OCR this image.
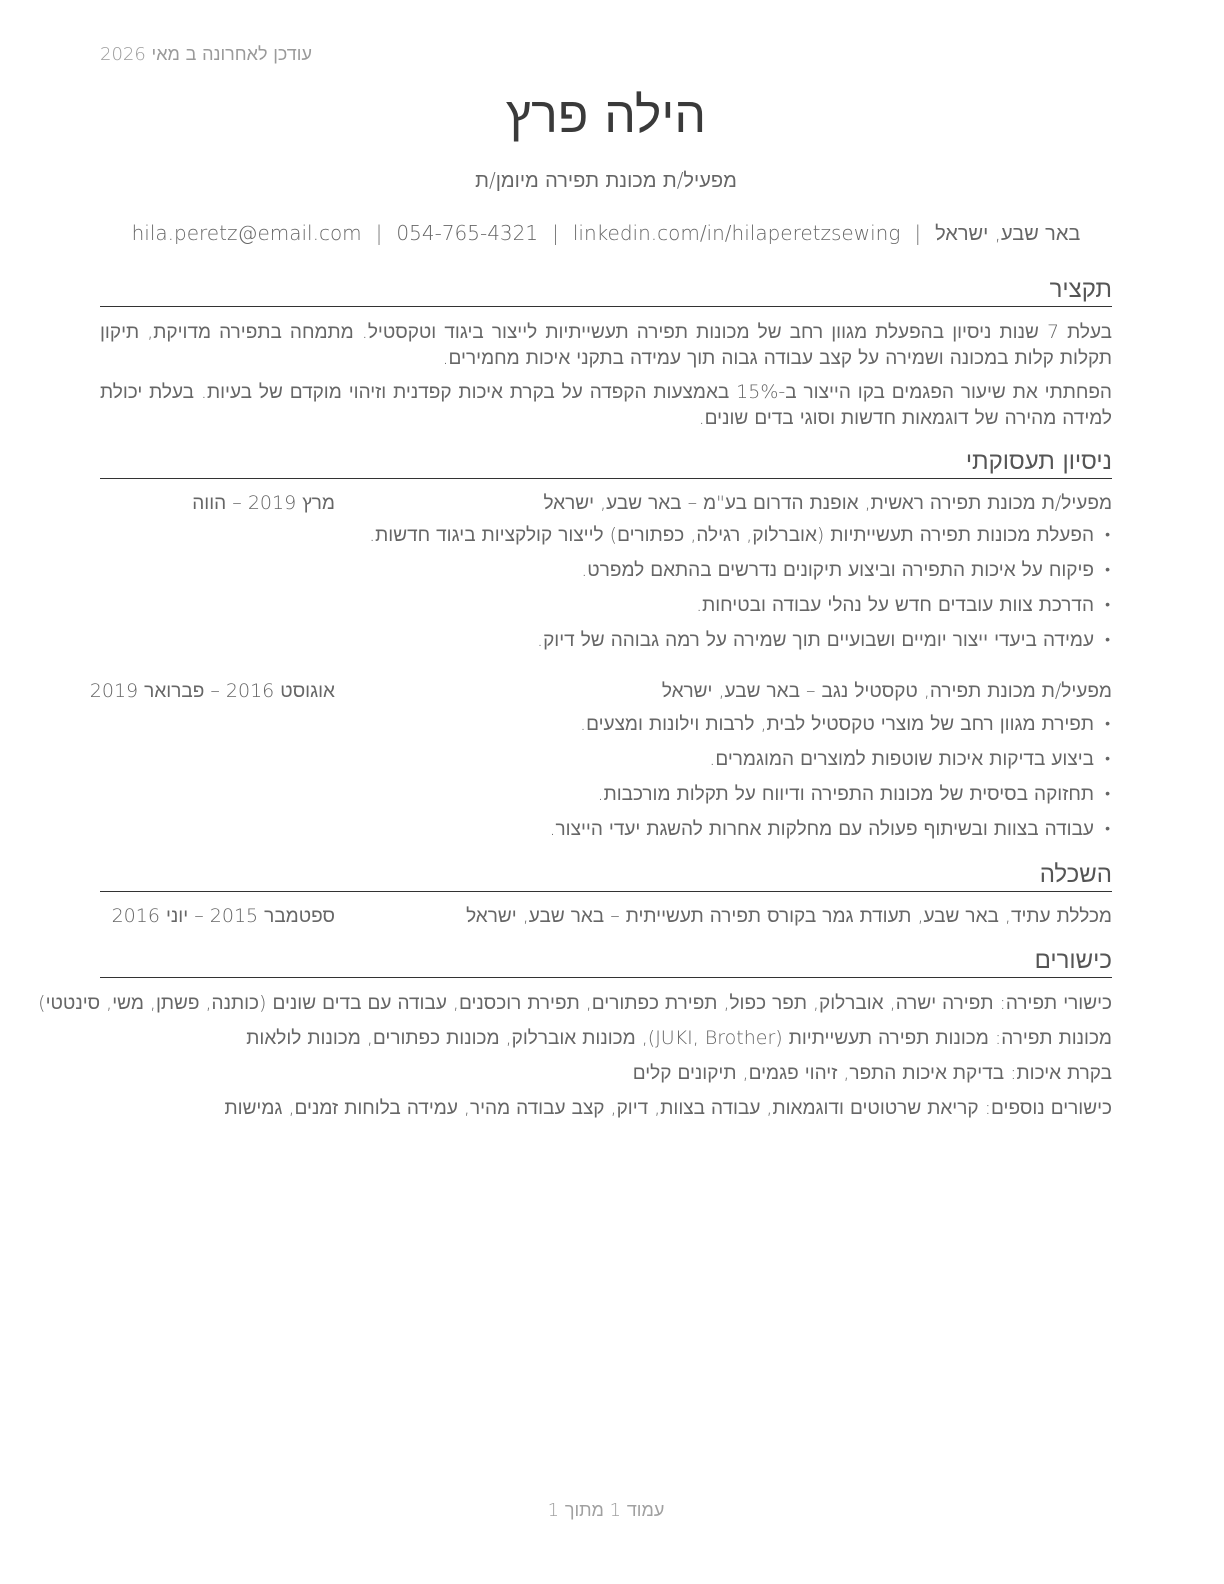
עודכן לאחרונה ב מאי 2026
הילה פרץ
מפעיל/ת מכונת תפירה מיומן/ת
באר שבע, ישראל|hila.peretz@email.com | 054-765-4321 | linkedin.com/in/hilaperetzsewing
תקציר
בעלת 7 שנות ניסיון בהפעלת מגוון רחב של מכונות תפירה תעשייתיות לייצור ביגוד וטקסטיל. מתמחה בתפירה מדויקת, תיקון תקלות קלות במכונה ושמירה על קצב עבודה גבוה תוך עמידה בתקני איכות מחמירים.
הפחתתי את שיעור הפגמים בקו הייצור ב-15% באמצעות הקפדה על בקרת איכות קפדנית וזיהוי מוקדם של בעיות. בעלת יכולת למידה מהירה של דוגמאות חדשות וסוגי בדים שונים.
ניסיון תעסוקתי
מפעיל/ת מכונת תפירה ראשית, אופנת הדרום בע"מ – באר שבע, ישראל
מרץ 2019 – הווה
• הפעלת מכונות תפירה תעשייתיות (אוברלוק, רגילה, כפתורים) לייצור קולקציות ביגוד חדשות.
• פיקוח על איכות התפירה וביצוע תיקונים נדרשים בהתאם למפרט.
• הדרכת צוות עובדים חדש על נהלי עבודה ובטיחות.
• עמידה ביעדי ייצור יומיים ושבועיים תוך שמירה על רמה גבוהה של דיוק.
מפעיל/ת מכונת תפירה, טקסטיל נגב – באר שבע, ישראל
אוגוסט 2016 – פברואר 2019
• תפירת מגוון רחב של מוצרי טקסטיל לבית, לרבות וילונות ומצעים.
• ביצוע בדיקות איכות שוטפות למוצרים המוגמרים.
• תחזוקה בסיסית של מכונות התפירה ודיווח על תקלות מורכבות.
• עבודה בצוות ובשיתוף פעולה עם מחלקות אחרות להשגת יעדי הייצור.
השכלה
מכללת עתיד, באר שבע, תעודת גמר בקורס תפירה תעשייתית – באר שבע, ישראל
ספטמבר 2015 – יוני 2016
כישורים
כישורי תפירה: תפירה ישרה, אוברלוק, תפר כפול, תפירת כפתורים, תפירת רוכסנים, עבודה עם בדים שונים (כותנה, פשתן, משי, סינטטי)
מכונות תפירה: מכונות תפירה תעשייתיות (JUKI, Brother), מכונות אוברלוק, מכונות כפתורים, מכונות לולאות
בקרת איכות: בדיקת איכות התפר, זיהוי פגמים, תיקונים קלים
כישורים נוספים: קריאת שרטוטים ודוגמאות, עבודה בצוות, דיוק, קצב עבודה מהיר, עמידה בלוחות זמנים, גמישות
עמוד 1 מתוך 1
